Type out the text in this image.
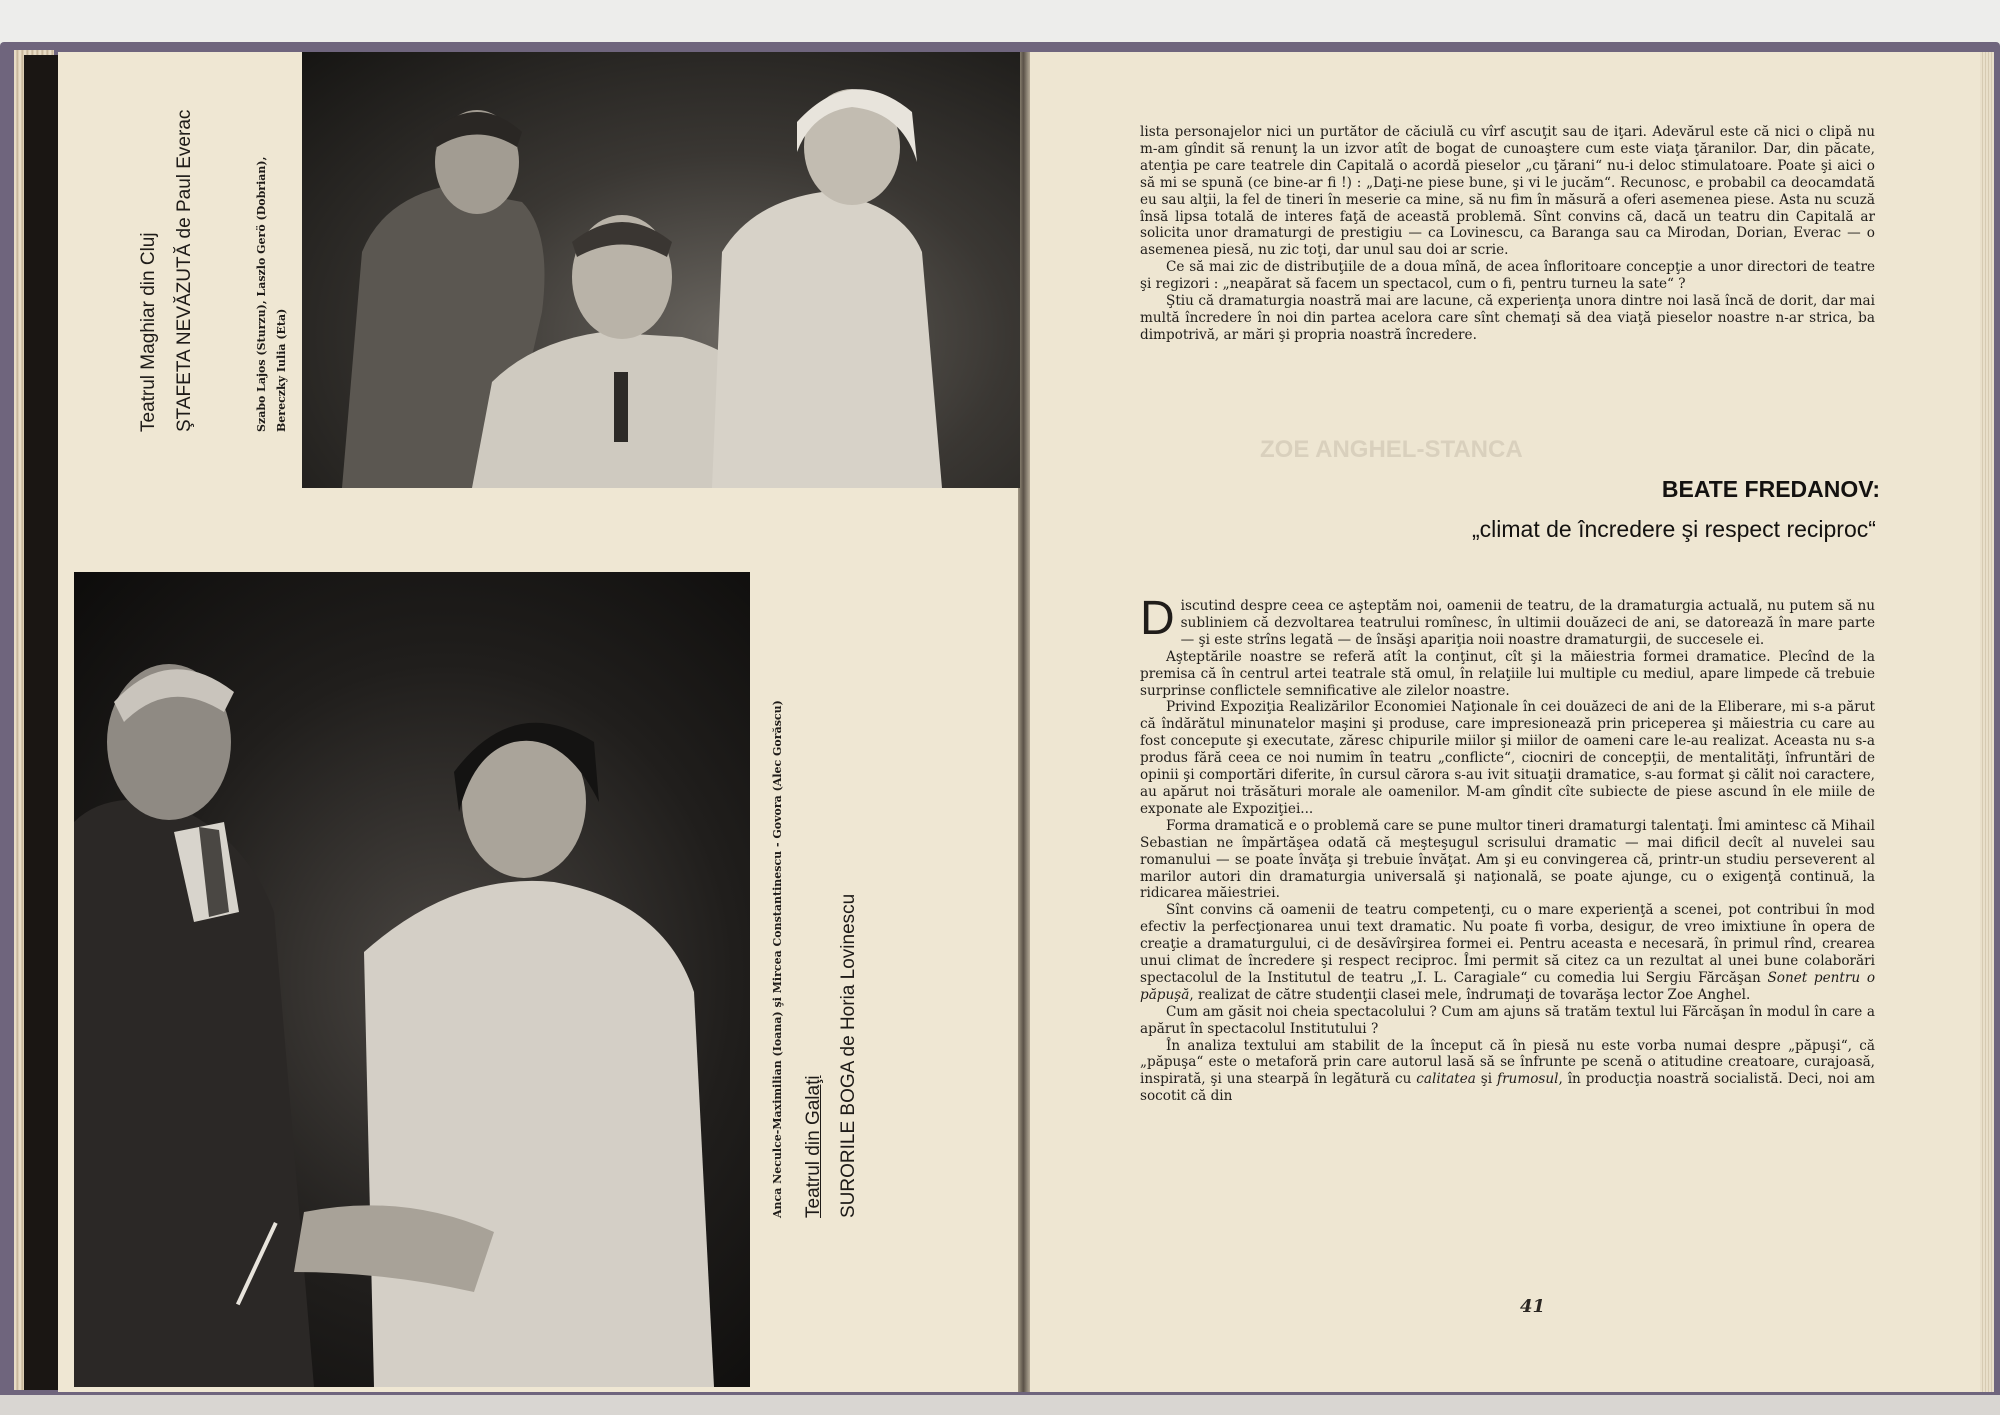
Teatrul Maghiar din Cluj ŞTAFETA NEVĂZUTĂ de Paul Everac	Szabo Lajos (Sturzu), Laszlo Gerö (Dobrian), Bereczky Iulia (Eta)
Anca Neculce-Maximilian (Ioana) şi Mircea Constantinescu - Govora (Alec Gorăscu) Teatrul din Galaţi SURORILE BOGA de Horia Lovinescu
ZOE ANGHEL-STANCA

lista personajelor nici un purtător de căciulă cu vîrf ascuţit sau de iţari. Adevărul este că nici o clipă nu m-am gîndit să renunţ la un izvor atît de bogat de cunoaştere cum este viaţa ţăranilor. Dar, din păcate, atenţia pe care teatrele din Capitală o acordă pieselor „cu ţărani“ nu-i deloc stimulatoare. Poate şi aici o să mi se spună (ce bine-ar fi !) : „Daţi-ne piese bune, şi vi le jucăm“. Recunosc, e probabil ca deocamdată eu sau alţii, la fel de tineri în meserie ca mine, să nu fim în măsură a oferi asemenea piese. Asta nu scuză însă lipsa totală de interes faţă de această problemă. Sînt convins că, dacă un teatru din Capitală ar solicita unor dramaturgi de prestigiu — ca Lovinescu, ca Baranga sau ca Mirodan, Dorian, Everac — o asemenea piesă, nu zic toţi, dar unul sau doi ar scrie.

Ce să mai zic de distribuţiile de a doua mînă, de acea înfloritoare concepţie a unor directori de teatre şi regizori : „neapărat să facem un spectacol, cum o fi, pentru turneu la sate“ ?

Ştiu că dramaturgia noastră mai are lacune, că experienţa unora dintre noi lasă încă de dorit, dar mai multă încredere în noi din partea acelora care sînt chemaţi să dea viaţă pieselor noastre n-ar strica, ba dimpotrivă, ar mări şi propria noastră încredere.

BEATE FREDANOV:
„climat de încredere şi respect reciproc“

Discutind despre ceea ce aşteptăm noi, oamenii de teatru, de la dramaturgia actuală, nu putem să nu subliniem că dezvoltarea teatrului romînesc, în ultimii douăzeci de ani, se datorează în mare parte — şi este strîns legată — de însăşi apariţia noii noastre dramaturgii, de succesele ei.

Aşteptările noastre se referă atît la conţinut, cît şi la măiestria formei dramatice. Plecînd de la premisa că în centrul artei teatrale stă omul, în relaţiile lui multiple cu mediul, apare limpede că trebuie surprinse conflictele semnificative ale zilelor noastre.

Privind Expoziţia Realizărilor Economiei Naţionale în cei douăzeci de ani de la Eliberare, mi s-a părut că îndărătul minunatelor maşini şi produse, care impresionează prin priceperea şi măiestria cu care au fost concepute şi executate, zăresc chipurile miilor şi miilor de oameni care le-au realizat. Aceasta nu s-a produs fără ceea ce noi numim în teatru „conflicte“, ciocniri de concepţii, de mentalităţi, înfruntări de opinii şi comportări diferite, în cursul cărora s-au ivit situaţii dramatice, s-au format şi călit noi caractere, au apărut noi trăsături morale ale oamenilor. M-am gîndit cîte subiecte de piese ascund în ele miile de exponate ale Expoziţiei...

Forma dramatică e o problemă care se pune multor tineri dramaturgi talentaţi. Îmi amintesc că Mihail Sebastian ne împărtăşea odată că meşteşugul scrisului dramatic — mai dificil decît al nuvelei sau romanului — se poate învăţa şi trebuie învăţat. Am şi eu convingerea că, printr-un studiu perseverent al marilor autori din dramaturgia universală şi naţională, se poate ajunge, cu o exigenţă continuă, la ridicarea măiestriei.

Sînt convins că oamenii de teatru competenţi, cu o mare experienţă a scenei, pot contribui în mod efectiv la perfecţionarea unui text dramatic. Nu poate fi vorba, desigur, de vreo imixtiune în opera de creaţie a dramaturgului, ci de desăvîrşirea formei ei. Pentru aceasta e necesară, în primul rînd, crearea unui climat de încredere şi respect reciproc. Îmi permit să citez ca un rezultat al unei bune colaborări spectacolul de la Institutul de teatru „I. L. Caragiale“ cu comedia lui Sergiu Fărcăşan Sonet pentru o păpuşă, realizat de către studenţii clasei mele, îndrumaţi de tovarăşa lector Zoe Anghel.

Cum am găsit noi cheia spectacolului ? Cum am ajuns să tratăm textul lui Fărcăşan în modul în care a apărut în spectacolul Institutului ?

În analiza textului am stabilit de la început că în piesă nu este vorba numai despre „păpuşi“, că „păpuşa“ este o metaforă prin care autorul lasă să se înfrunte pe scenă o atitudine creatoare, curajoasă, inspirată, şi una stearpă în legătură cu calitatea şi frumosul, în producţia noastră socialistă. Deci, noi am socotit că din

41
